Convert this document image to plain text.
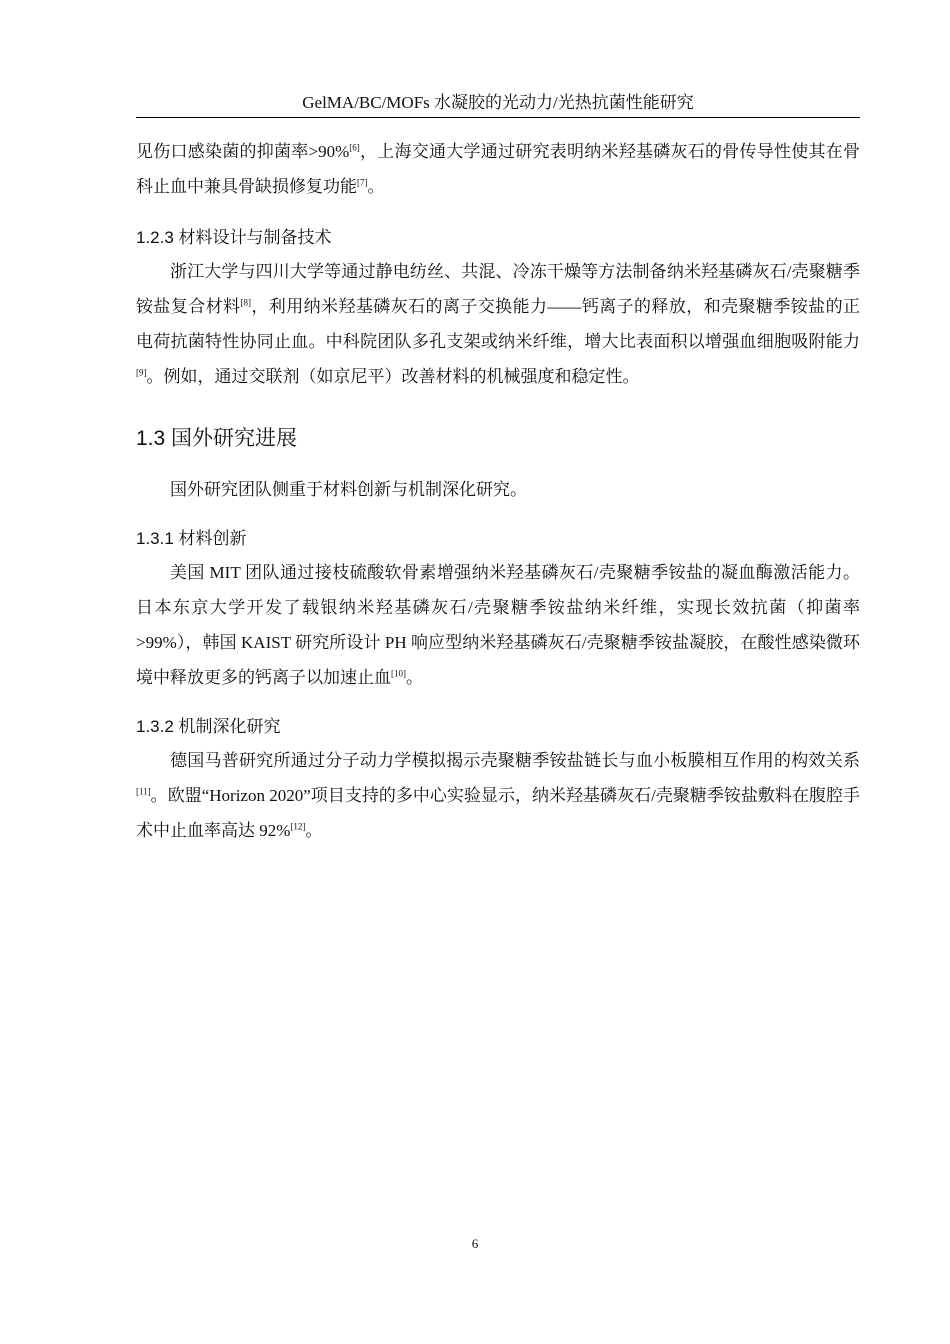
GelMA/BC/MOFs 水凝胶的光动力/光热抗菌性能研究

见伤口感染菌的抑菌率>90%[6]，上海交通大学通过研究表明纳米羟基磷灰石的骨传导性使其在骨科止血中兼具骨缺损修复功能[7]。

1.2.3 材料设计与制备技术

浙江大学与四川大学等通过静电纺丝、共混、冷冻干燥等方法制备纳米羟基磷灰石/壳聚糖季铵盐复合材料[8]，利用纳米羟基磷灰石的离子交换能力——钙离子的释放，和壳聚糖季铵盐的正电荷抗菌特性协同止血。中科院团队多孔支架或纳米纤维，增大比表面积以增强血细胞吸附能力[9]。例如，通过交联剂（如京尼平）改善材料的机械强度和稳定性。

1.3 国外研究进展

国外研究团队侧重于材料创新与机制深化研究。

1.3.1 材料创新

美国 MIT 团队通过接枝硫酸软骨素增强纳米羟基磷灰石/壳聚糖季铵盐的凝血酶激活能力。日本东京大学开发了载银纳米羟基磷灰石/壳聚糖季铵盐纳米纤维，实现长效抗菌（抑菌率>99%），韩国 KAIST 研究所设计 PH 响应型纳米羟基磷灰石/壳聚糖季铵盐凝胶，在酸性感染微环境中释放更多的钙离子以加速止血[10]。

1.3.2 机制深化研究

德国马普研究所通过分子动力学模拟揭示壳聚糖季铵盐链长与血小板膜相互作用的构效关系[11]。欧盟“Horizon 2020”项目支持的多中心实验显示，纳米羟基磷灰石/壳聚糖季铵盐敷料在腹腔手术中止血率高达 92%[12]。

6
